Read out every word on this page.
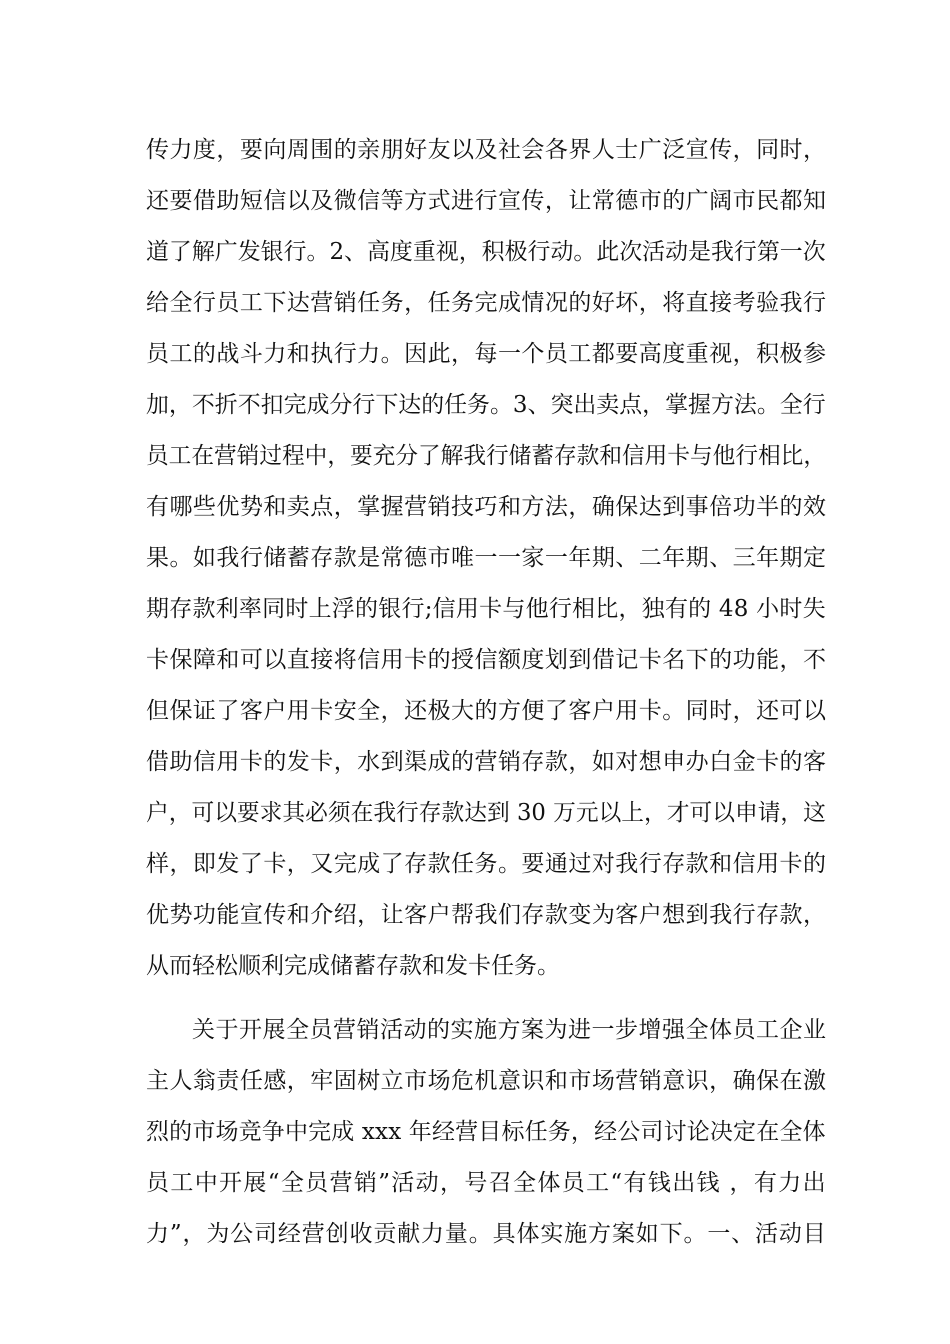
传力度，要向周围的亲朋好友以及社会各界人士广泛宣传，同时，
还要借助短信以及微信等方式进行宣传，让常德市的广阔市民都知
道了解广发银行。2、高度重视，积极行动。此次活动是我行第一次
给全行员工下达营销任务，任务完成情况的好坏，将直接考验我行
员工的战斗力和执行力。因此，每一个员工都要高度重视，积极参
加，不折不扣完成分行下达的任务。3、突出卖点，掌握方法。全行
员工在营销过程中，要充分了解我行储蓄存款和信用卡与他行相比，
有哪些优势和卖点，掌握营销技巧和方法，确保达到事倍功半的效
果。如我行储蓄存款是常德市唯一一家一年期、二年期、三年期定
期存款利率同时上浮的银行;信用卡与他行相比，独有的 48 小时失
卡保障和可以直接将信用卡的授信额度划到借记卡名下的功能，不
但保证了客户用卡安全，还极大的方便了客户用卡。同时，还可以
借助信用卡的发卡，水到渠成的营销存款，如对想申办白金卡的客
户，可以要求其必须在我行存款达到 30 万元以上，才可以申请，这
样，即发了卡，又完成了存款任务。要通过对我行存款和信用卡的
优势功能宣传和介绍，让客户帮我们存款变为客户想到我行存款，
从而轻松顺利完成储蓄存款和发卡任务。
关于开展全员营销活动的实施方案为进一步增强全体员工企业
主人翁责任感，牢固树立市场危机意识和市场营销意识，确保在激
烈的市场竞争中完成 xxx 年经营目标任务，经公司讨论决定在全体
员工中开展“全员营销”活动，号召全体员工“有钱出钱 ，有力出
力”，为公司经营创收贡献力量。具体实施方案如下。一、活动目
